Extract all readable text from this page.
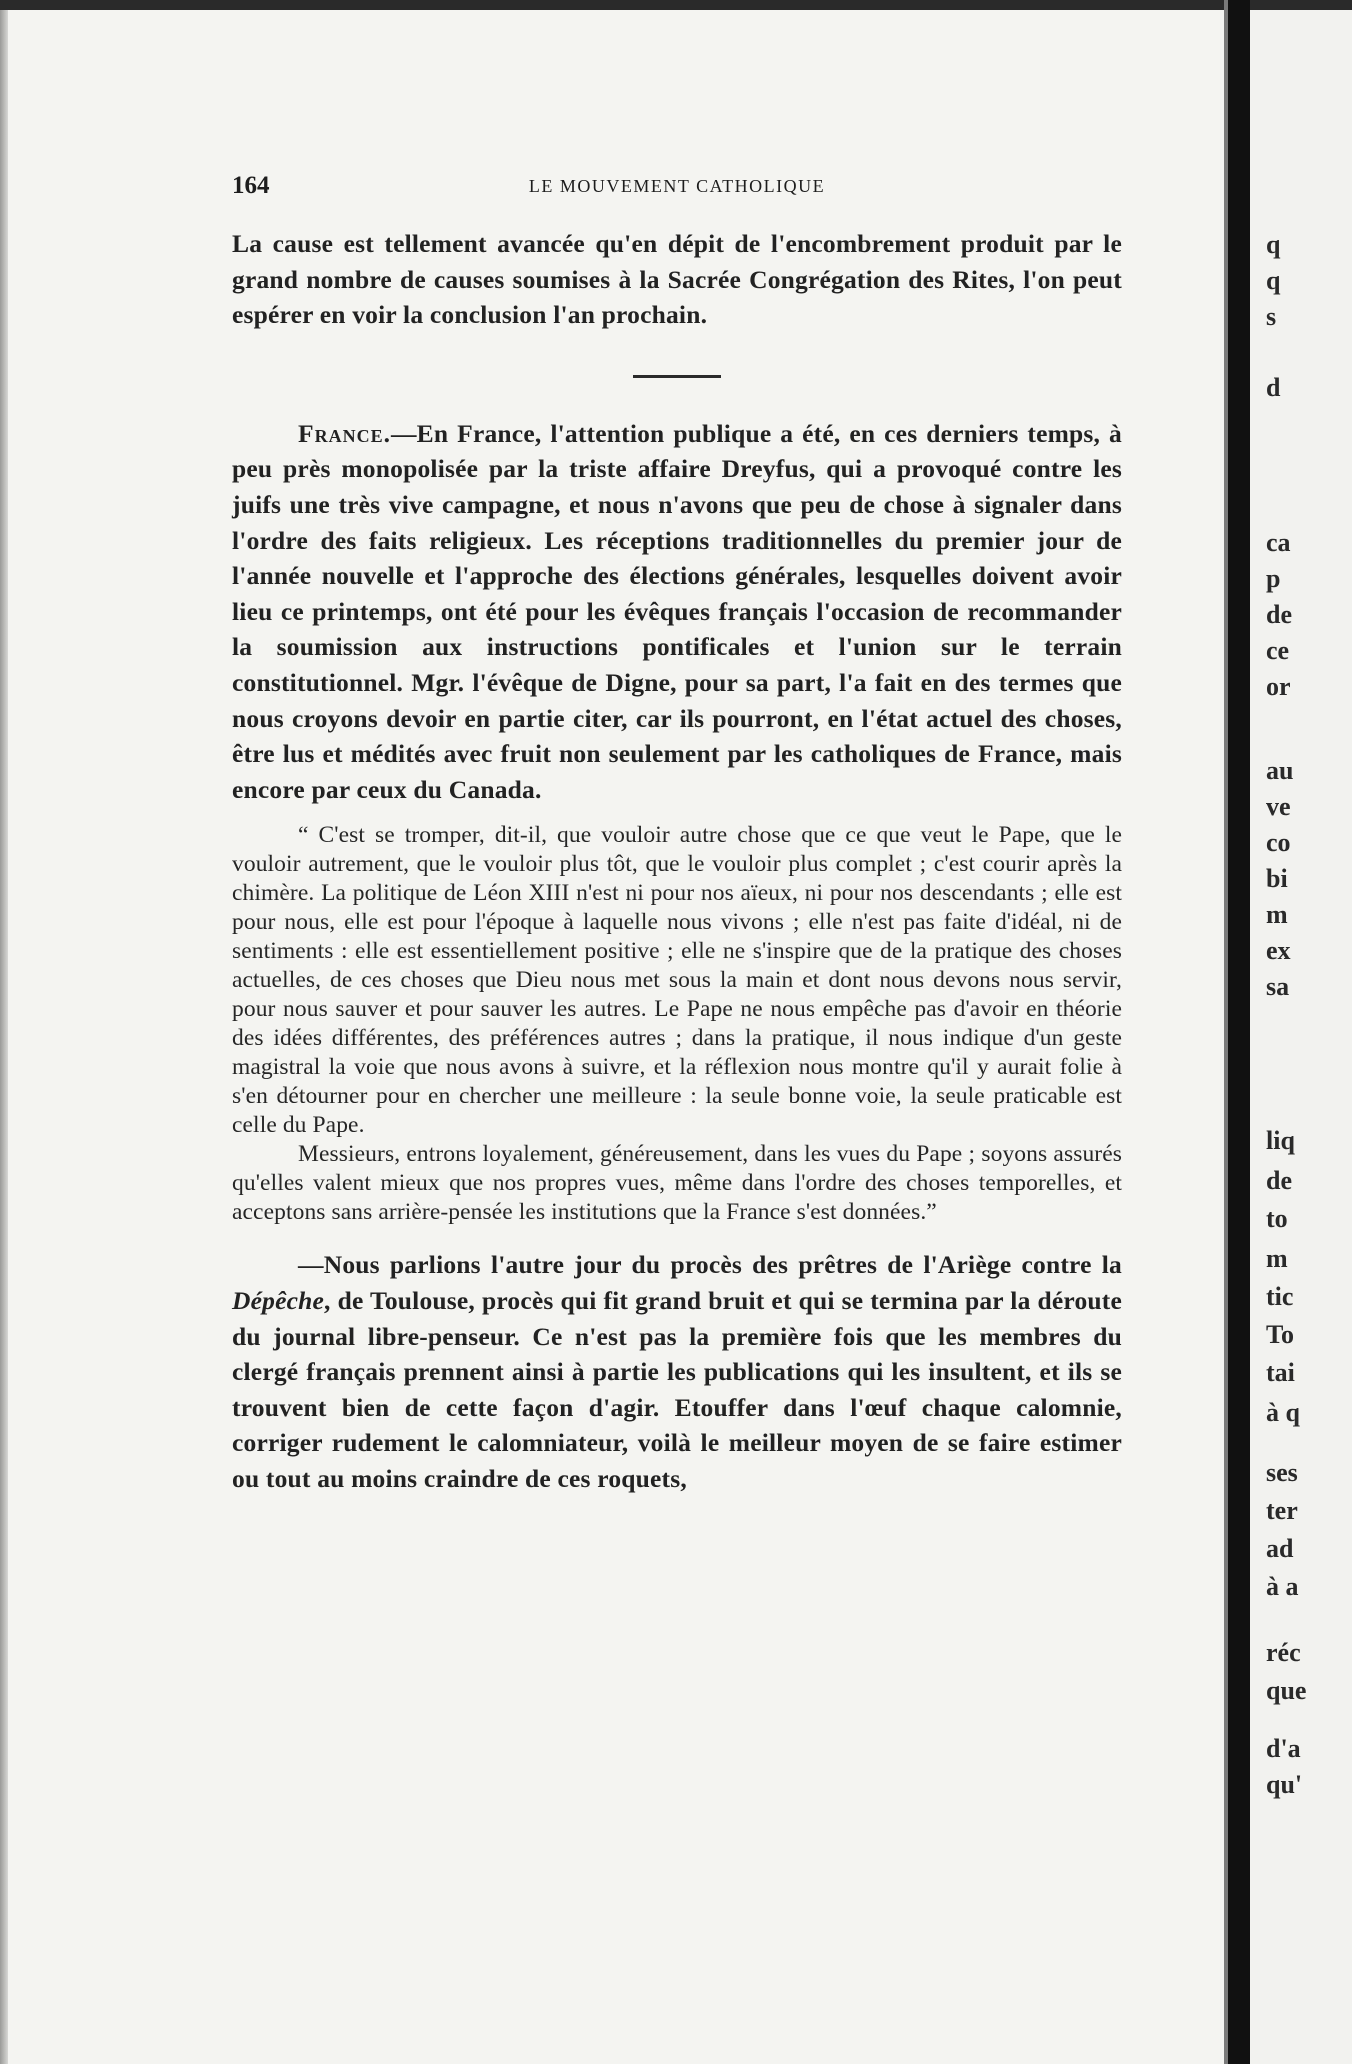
q
q
s
d
ca
p
de
ce
or
au
ve
co
bi
m
ex
sa
liq
de
to
m
tic
To
tai
à q
ses
ter
ad
à a
réc
que
d'a
qu'
164	LE MOUVEMENT CATHOLIQUE

La cause est tellement avancée qu'en dépit de l'encombrement produit par le grand nombre de causes soumises à la Sacrée Congrégation des Rites, l'on peut espérer en voir la conclusion l'an prochain.

France.—En France, l'attention publique a été, en ces derniers temps, à peu près monopolisée par la triste affaire Dreyfus, qui a provoqué contre les juifs une très vive campagne, et nous n'avons que peu de chose à signaler dans l'ordre des faits religieux. Les réceptions traditionnelles du premier jour de l'année nouvelle et l'approche des élections générales, lesquelles doivent avoir lieu ce printemps, ont été pour les évêques français l'occasion de recommander la soumission aux instructions pontificales et l'union sur le terrain constitutionnel. Mgr. l'évêque de Digne, pour sa part, l'a fait en des termes que nous croyons devoir en partie citer, car ils pourront, en l'état actuel des choses, être lus et médités avec fruit non seulement par les catholiques de France, mais encore par ceux du Canada.

“ C'est se tromper, dit-il, que vouloir autre chose que ce que veut le Pape, que le vouloir autrement, que le vouloir plus tôt, que le vouloir plus complet ; c'est courir après la chimère. La politique de Léon XIII n'est ni pour nos aïeux, ni pour nos descendants ; elle est pour nous, elle est pour l'époque à laquelle nous vivons ; elle n'est pas faite d'idéal, ni de sentiments : elle est essentiellement positive ; elle ne s'inspire que de la pratique des choses actuelles, de ces choses que Dieu nous met sous la main et dont nous devons nous servir, pour nous sauver et pour sauver les autres. Le Pape ne nous empêche pas d'avoir en théorie des idées différentes, des préférences autres ; dans la pratique, il nous indique d'un geste magistral la voie que nous avons à suivre, et la réflexion nous montre qu'il y aurait folie à s'en détourner pour en chercher une meilleure : la seule bonne voie, la seule praticable est celle du Pape.

Messieurs, entrons loyalement, généreusement, dans les vues du Pape ; soyons assurés qu'elles valent mieux que nos propres vues, même dans l'ordre des choses temporelles, et acceptons sans arrière-pensée les institutions que la France s'est données.”

—Nous parlions l'autre jour du procès des prêtres de l'Ariège contre la Dépêche, de Toulouse, procès qui fit grand bruit et qui se termina par la déroute du journal libre-penseur. Ce n'est pas la première fois que les membres du clergé français prennent ainsi à partie les publications qui les insultent, et ils se trouvent bien de cette façon d'agir. Etouffer dans l'œuf chaque calomnie, corriger rudement le calomniateur, voilà le meilleur moyen de se faire estimer ou tout au moins craindre de ces roquets,
